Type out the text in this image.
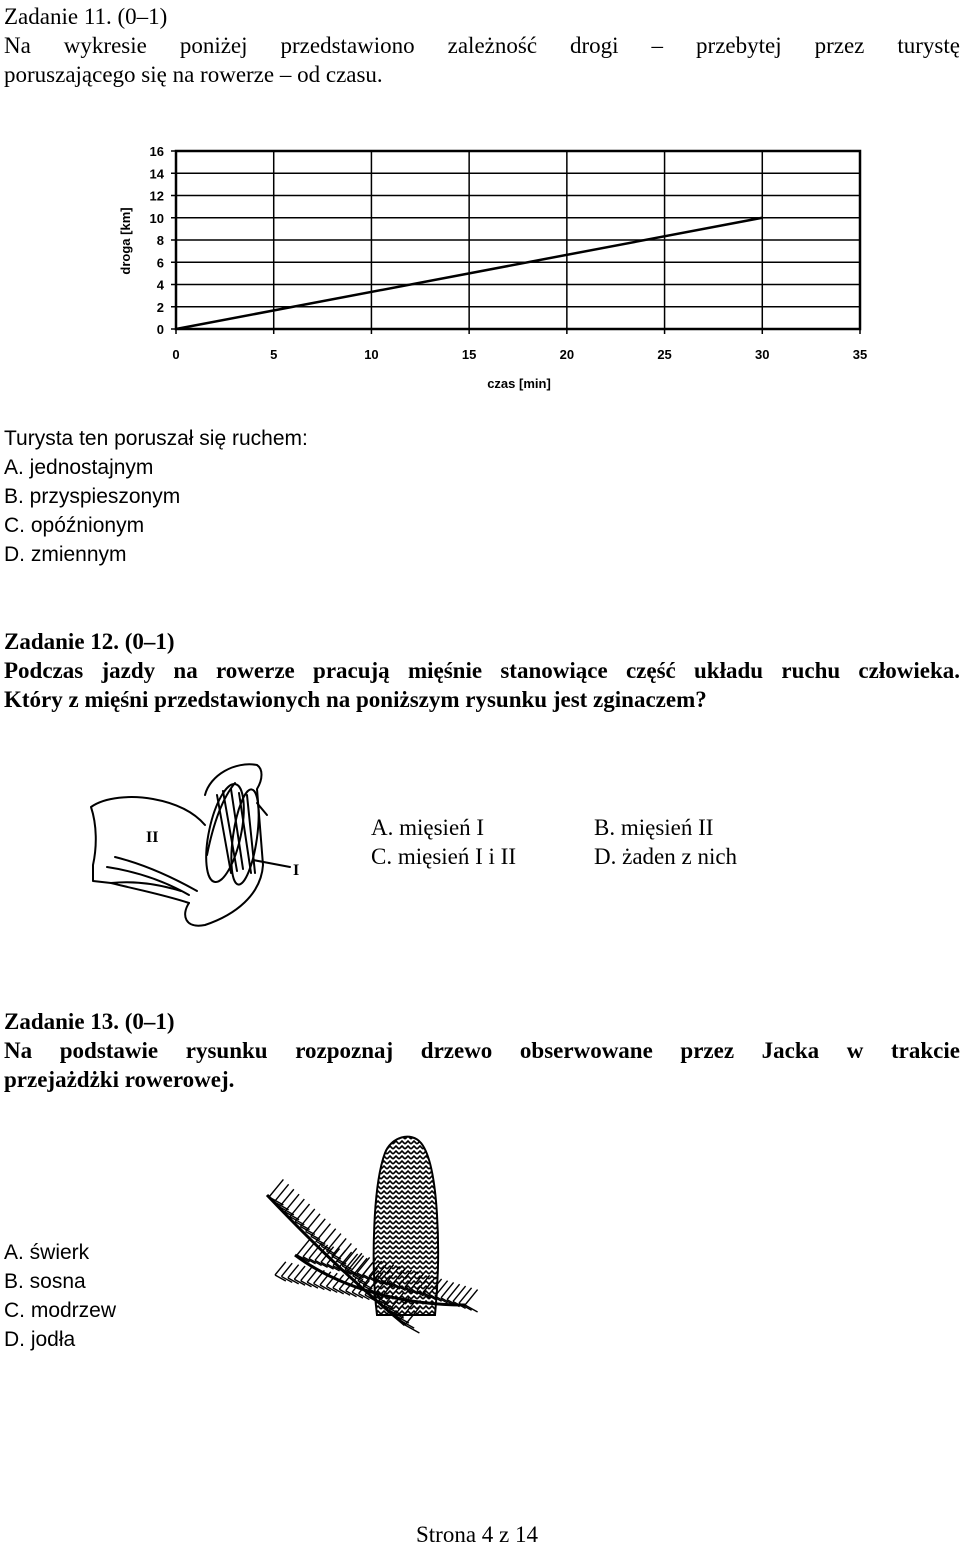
Zadanie 11. (0–1)
Na wykresie poniżej przedstawiono zależność drogi – przebytej przez turystę
poruszającego się na rowerze – od czasu.
0
2
4
6
8
10
12
14
16
0	5	10	15	20	25	30	35
droga [km]
czas [min]
Turysta ten poruszał się ruchem:
A. jednostajnym
B. przyspieszonym
C. opóźnionym
D. zmiennym
Zadanie 12. (0–1)
Podczas jazdy na rowerze pracują mięśnie stanowiące część układu ruchu człowieka.
Który z mięśni przedstawionych na poniższym rysunku jest zginaczem?
II
I
A. mięsień I	B. mięsień II
C. mięsień I i II	D. żaden z nich
Zadanie 13. (0–1)
Na podstawie rysunku rozpoznaj drzewo obserwowane przez Jacka w trakcie
przejażdżki rowerowej.
A. świerk
B. sosna
C. modrzew
D. jodła
Strona 4 z 14
